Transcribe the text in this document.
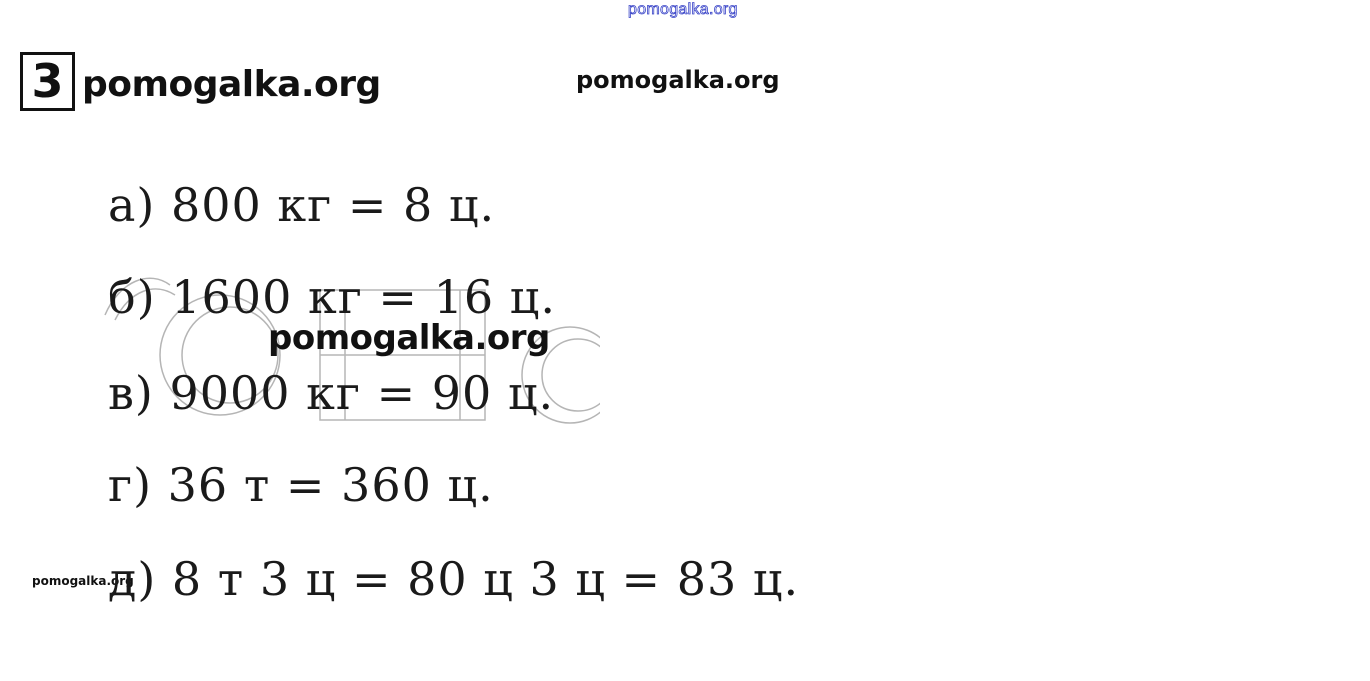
pomogalka.org
3 pomogalka.org	pomogalka.org
а) 800 кг = 8 ц.
б) 1600 кг = 16 ц.
pomogalka.org
в) 9000 кг = 90 ц.
г) 36 т = 360 ц.
pomogalka.org
д) 8 т 3 ц = 80 ц 3 ц = 83 ц.
